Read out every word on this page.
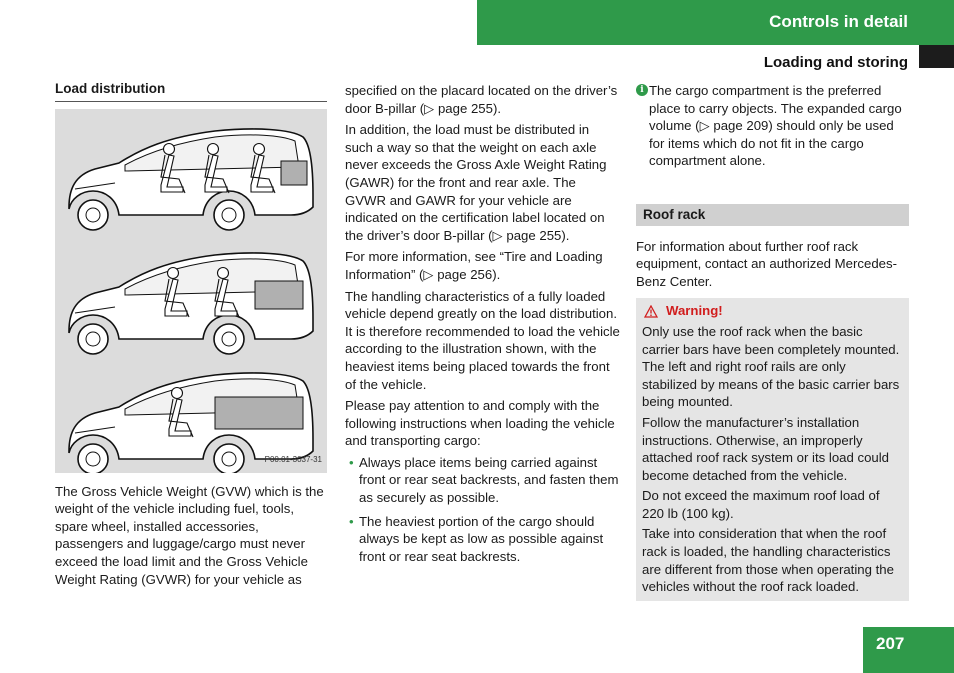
Controls in detail
Loading and storing
Load distribution
P00.01-3037-31

The Gross Vehicle Weight (GVW) which is the weight of the vehicle including fuel, tools, spare wheel, installed accessories, passengers and luggage/cargo must never exceed the load limit and the Gross Vehicle Weight Rating (GVWR) for your vehicle as

specified on the placard located on the driver’s door B-pillar (▷ page 255).

In addition, the load must be distributed in such a way so that the weight on each axle never exceeds the Gross Axle Weight Rating (GAWR) for the front and rear axle. The GVWR and GAWR for your vehicle are indicated on the certification label located on the driver’s door B-pillar (▷ page 255).

For more information, see “Tire and Loading Information” (▷ page 256).

The handling characteristics of a fully loaded vehicle depend greatly on the load distribution. It is therefore recommended to load the vehicle according to the illustration shown, with the heaviest items being placed towards the front of the vehicle.

Please pay attention to and comply with the following instructions when loading the vehicle and transporting cargo:

• Always place items being carried against front or rear seat backrests, and fasten them as securely as possible.
• The heaviest portion of the cargo should always be kept as low as possible against front or rear seat backrests.
i The cargo compartment is the preferred place to carry objects. The expanded cargo volume (▷ page 209) should only be used for items which do not fit in the cargo compartment alone.

Roof rack

For information about further roof rack equipment, contact an authorized Mercedes-Benz Center.

Warning!

Only use the roof rack when the basic carrier bars have been completely mounted. The left and right roof rails are only stabilized by means of the basic carrier bars being mounted.

Follow the manufacturer’s installation instructions. Otherwise, an improperly attached roof rack system or its load could become detached from the vehicle.

Do not exceed the maximum roof load of 220 lb (100 kg).

Take into consideration that when the roof rack is loaded, the handling characteristics are different from those when operating the vehicles without the roof rack loaded.

207
